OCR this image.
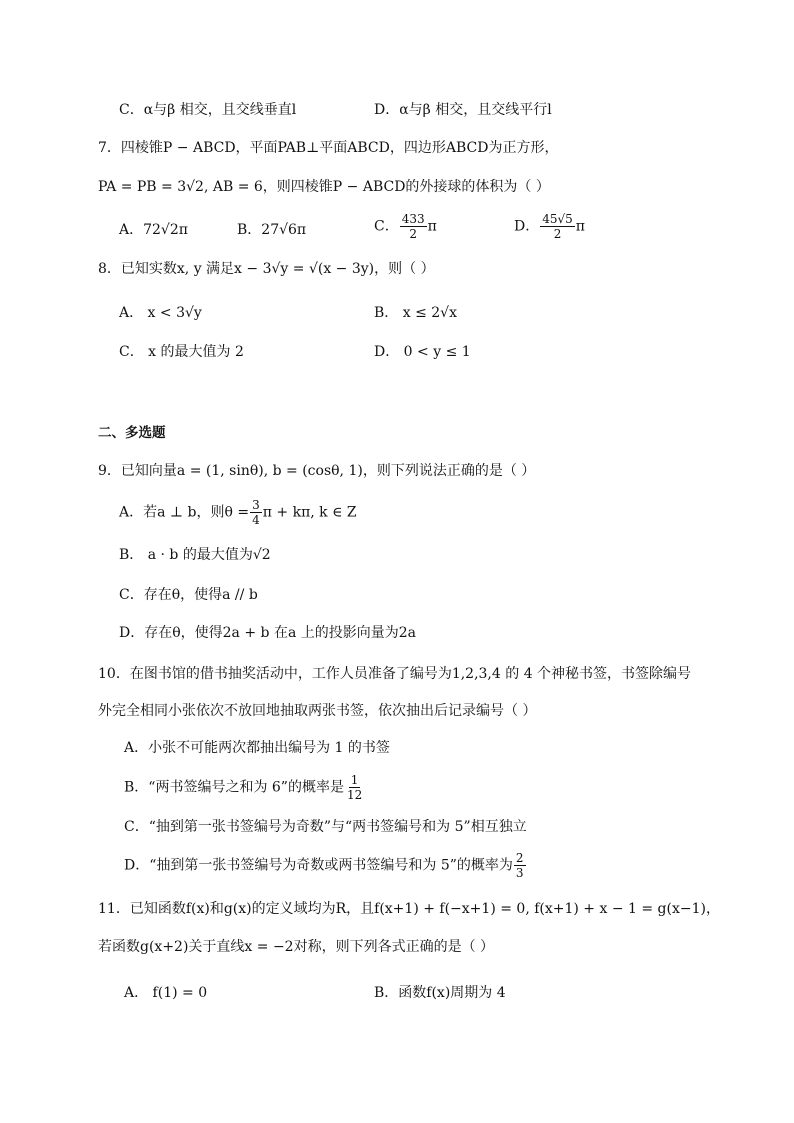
C．α与β 相交，且交线垂直l	D．α与β 相交，且交线平行l
7．四棱锥P − ABCD，平面PAB⊥平面ABCD，四边形ABCD为正方形，
PA = PB = 3√2, AB = 6，则四棱锥P − ABCD的外接球的体积为（ ）
A．72√2π	B．27√6π	C． $\frac{433}{2}$ π	D． $\frac{45√5}{2}$ π
8．已知实数x, y 满足x − 3√y = √(x − 3y)，则（ ）
A． x < 3√y	B． x ≤ 2√x
C． x 的最大值为 2	D． 0 < y ≤ 1
二、多选题
9．已知向量a = (1, sinθ), b = (cosθ, 1)，则下列说法正确的是（ ）
A．若a ⊥ b，则$\theta = \frac{3}{4}$ π + kπ, k ∈ Z
B． a · b 的最大值为√2
C．存在θ，使得a // b
D．存在θ，使得2a + b 在a 上的投影向量为2a
10．在图书馆的借书抽奖活动中，工作人员准备了编号为1,2,3,4 的 4 个神秘书签，书签除编号
外完全相同小张依次不放回地抽取两张书签，依次抽出后记录编号（ ）
A．小张不可能两次都抽出编号为 1 的书签
B．“两书签编号之和为 6”的概率是 $\frac{1}{12}$
C．“抽到第一张书签编号为奇数”与“两书签编号和为 5”相互独立
D．“抽到第一张书签编号为奇数或两书签编号和为 5”的概率为 $\frac{2}{3}$
11．已知函数f(x)和g(x)的定义域均为R，且f(x+1) + f(−x+1) = 0, f(x+1) + x − 1 = g(x−1)，
若函数g(x+2)关于直线x = −2对称，则下列各式正确的是（ ）
A． f(1) = 0	B．函数f(x)周期为 4
